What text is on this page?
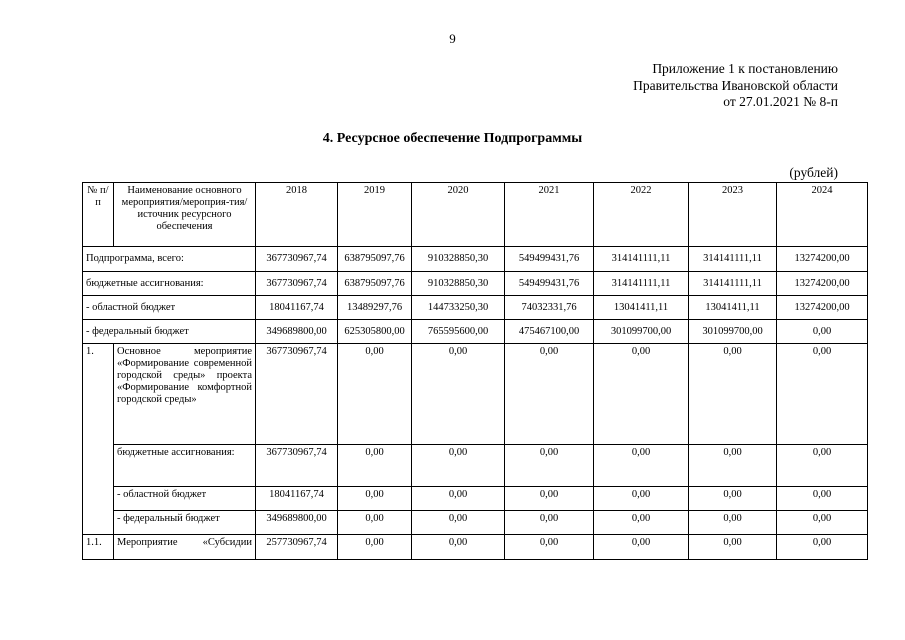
9
Приложение 1 к постановлению
Правительства Ивановской области
от 27.01.2021 № 8-п
4. Ресурсное обеспечение Подпрограммы
(рублей)
№ п/п	Наименование основного мероприятия/мероприя-тия/источник ресурсного обеспечения	2018	2019	2020	2021	2022	2023	2024
Подпрограмма, всего:		367730967,74	638795097,76	910328850,30	549499431,76	314141111,11	314141111,11	13274200,00
бюджетные ассигнования:		367730967,74	638795097,76	910328850,30	549499431,76	314141111,11	314141111,11	13274200,00
- областной бюджет		18041167,74	13489297,76	144733250,30	74032331,76	13041411,11	13041411,11	13274200,00
- федеральный бюджет		349689800,00	625305800,00	765595600,00	475467100,00	301099700,00	301099700,00	0,00
1.	Основное мероприятие «Формирование современной городской среды» проекта «Формирование комфортной городской среды»	367730967,74	0,00	0,00	0,00	0,00	0,00	0,00
	бюджетные ассигнования:	367730967,74	0,00	0,00	0,00	0,00	0,00	0,00
	- областной бюджет	18041167,74	0,00	0,00	0,00	0,00	0,00	0,00
	- федеральный бюджет	349689800,00	0,00	0,00	0,00	0,00	0,00	0,00
1.1.	Мероприятие «Субсидии	257730967,74	0,00	0,00	0,00	0,00	0,00	0,00
